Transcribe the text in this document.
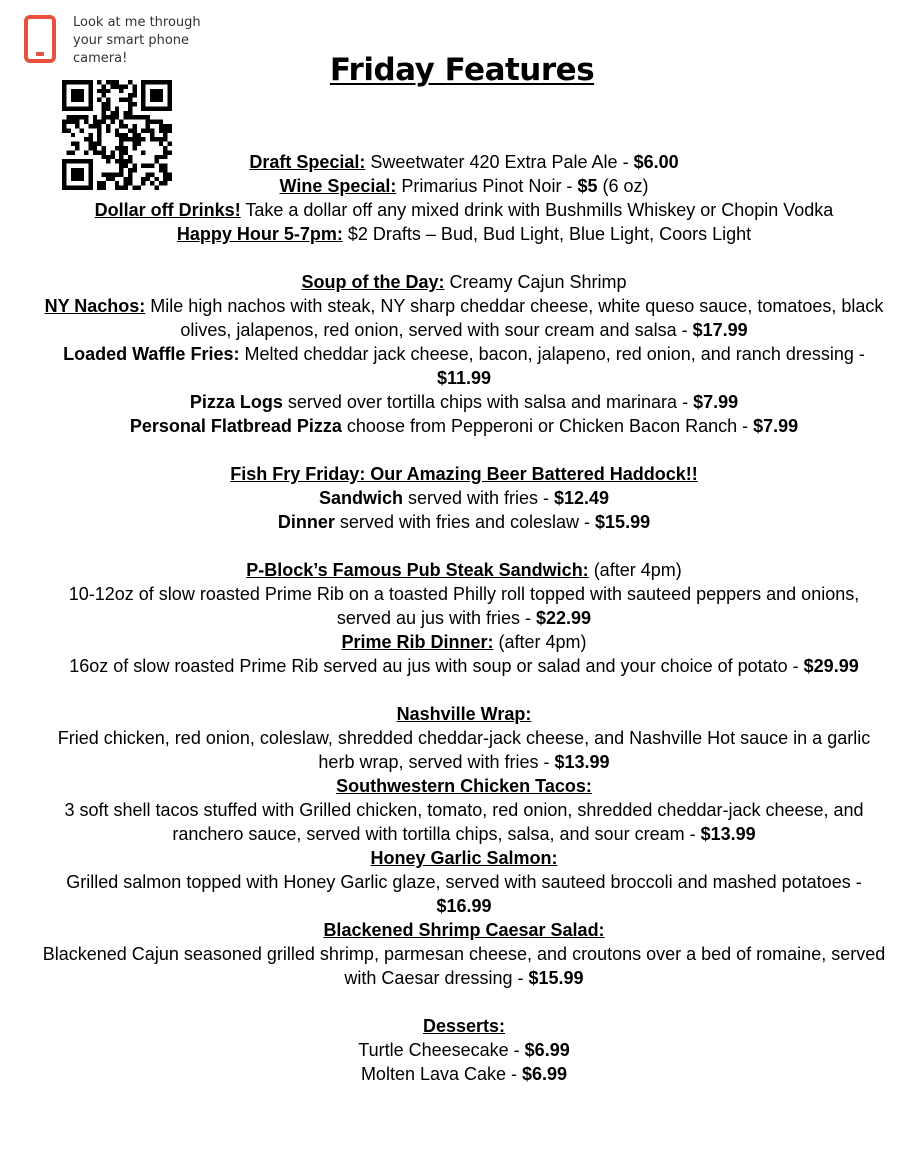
Look at me through
your smart phone
camera!	Friday Features

Draft Special: Sweetwater 420 Extra Pale Ale - $6.00

Wine Special: Primarius Pinot Noir - $5 (6 oz)

Dollar off Drinks! Take a dollar off any mixed drink with Bushmills Whiskey or Chopin Vodka

Happy Hour 5-7pm: $2 Drafts – Bud, Bud Light, Blue Light, Coors Light

Soup of the Day: Creamy Cajun Shrimp

NY Nachos: Mile high nachos with steak, NY sharp cheddar cheese, white queso sauce, tomatoes, black olives, jalapenos, red onion, served with sour cream and salsa - $17.99

Loaded Waffle Fries: Melted cheddar jack cheese, bacon, jalapeno, red onion, and ranch dressing - $11.99

Pizza Logs served over tortilla chips with salsa and marinara - $7.99

Personal Flatbread Pizza choose from Pepperoni or Chicken Bacon Ranch - $7.99

Fish Fry Friday: Our Amazing Beer Battered Haddock!!

Sandwich served with fries - $12.49

Dinner served with fries and coleslaw - $15.99

P-Block’s Famous Pub Steak Sandwich: (after 4pm)

10-12oz of slow roasted Prime Rib on a toasted Philly roll topped with sauteed peppers and onions, served au jus with fries - $22.99

Prime Rib Dinner: (after 4pm)

16oz of slow roasted Prime Rib served au jus with soup or salad and your choice of potato - $29.99

Nashville Wrap:

Fried chicken, red onion, coleslaw, shredded cheddar-jack cheese, and Nashville Hot sauce in a garlic herb wrap, served with fries - $13.99

Southwestern Chicken Tacos:

3 soft shell tacos stuffed with Grilled chicken, tomato, red onion, shredded cheddar-jack cheese, and ranchero sauce, served with tortilla chips, salsa, and sour cream - $13.99

Honey Garlic Salmon:

Grilled salmon topped with Honey Garlic glaze, served with sauteed broccoli and mashed potatoes - $16.99

Blackened Shrimp Caesar Salad:

Blackened Cajun seasoned grilled shrimp, parmesan cheese, and croutons over a bed of romaine, served with Caesar dressing - $15.99

Desserts:

Turtle Cheesecake - $6.99

Molten Lava Cake - $6.99
